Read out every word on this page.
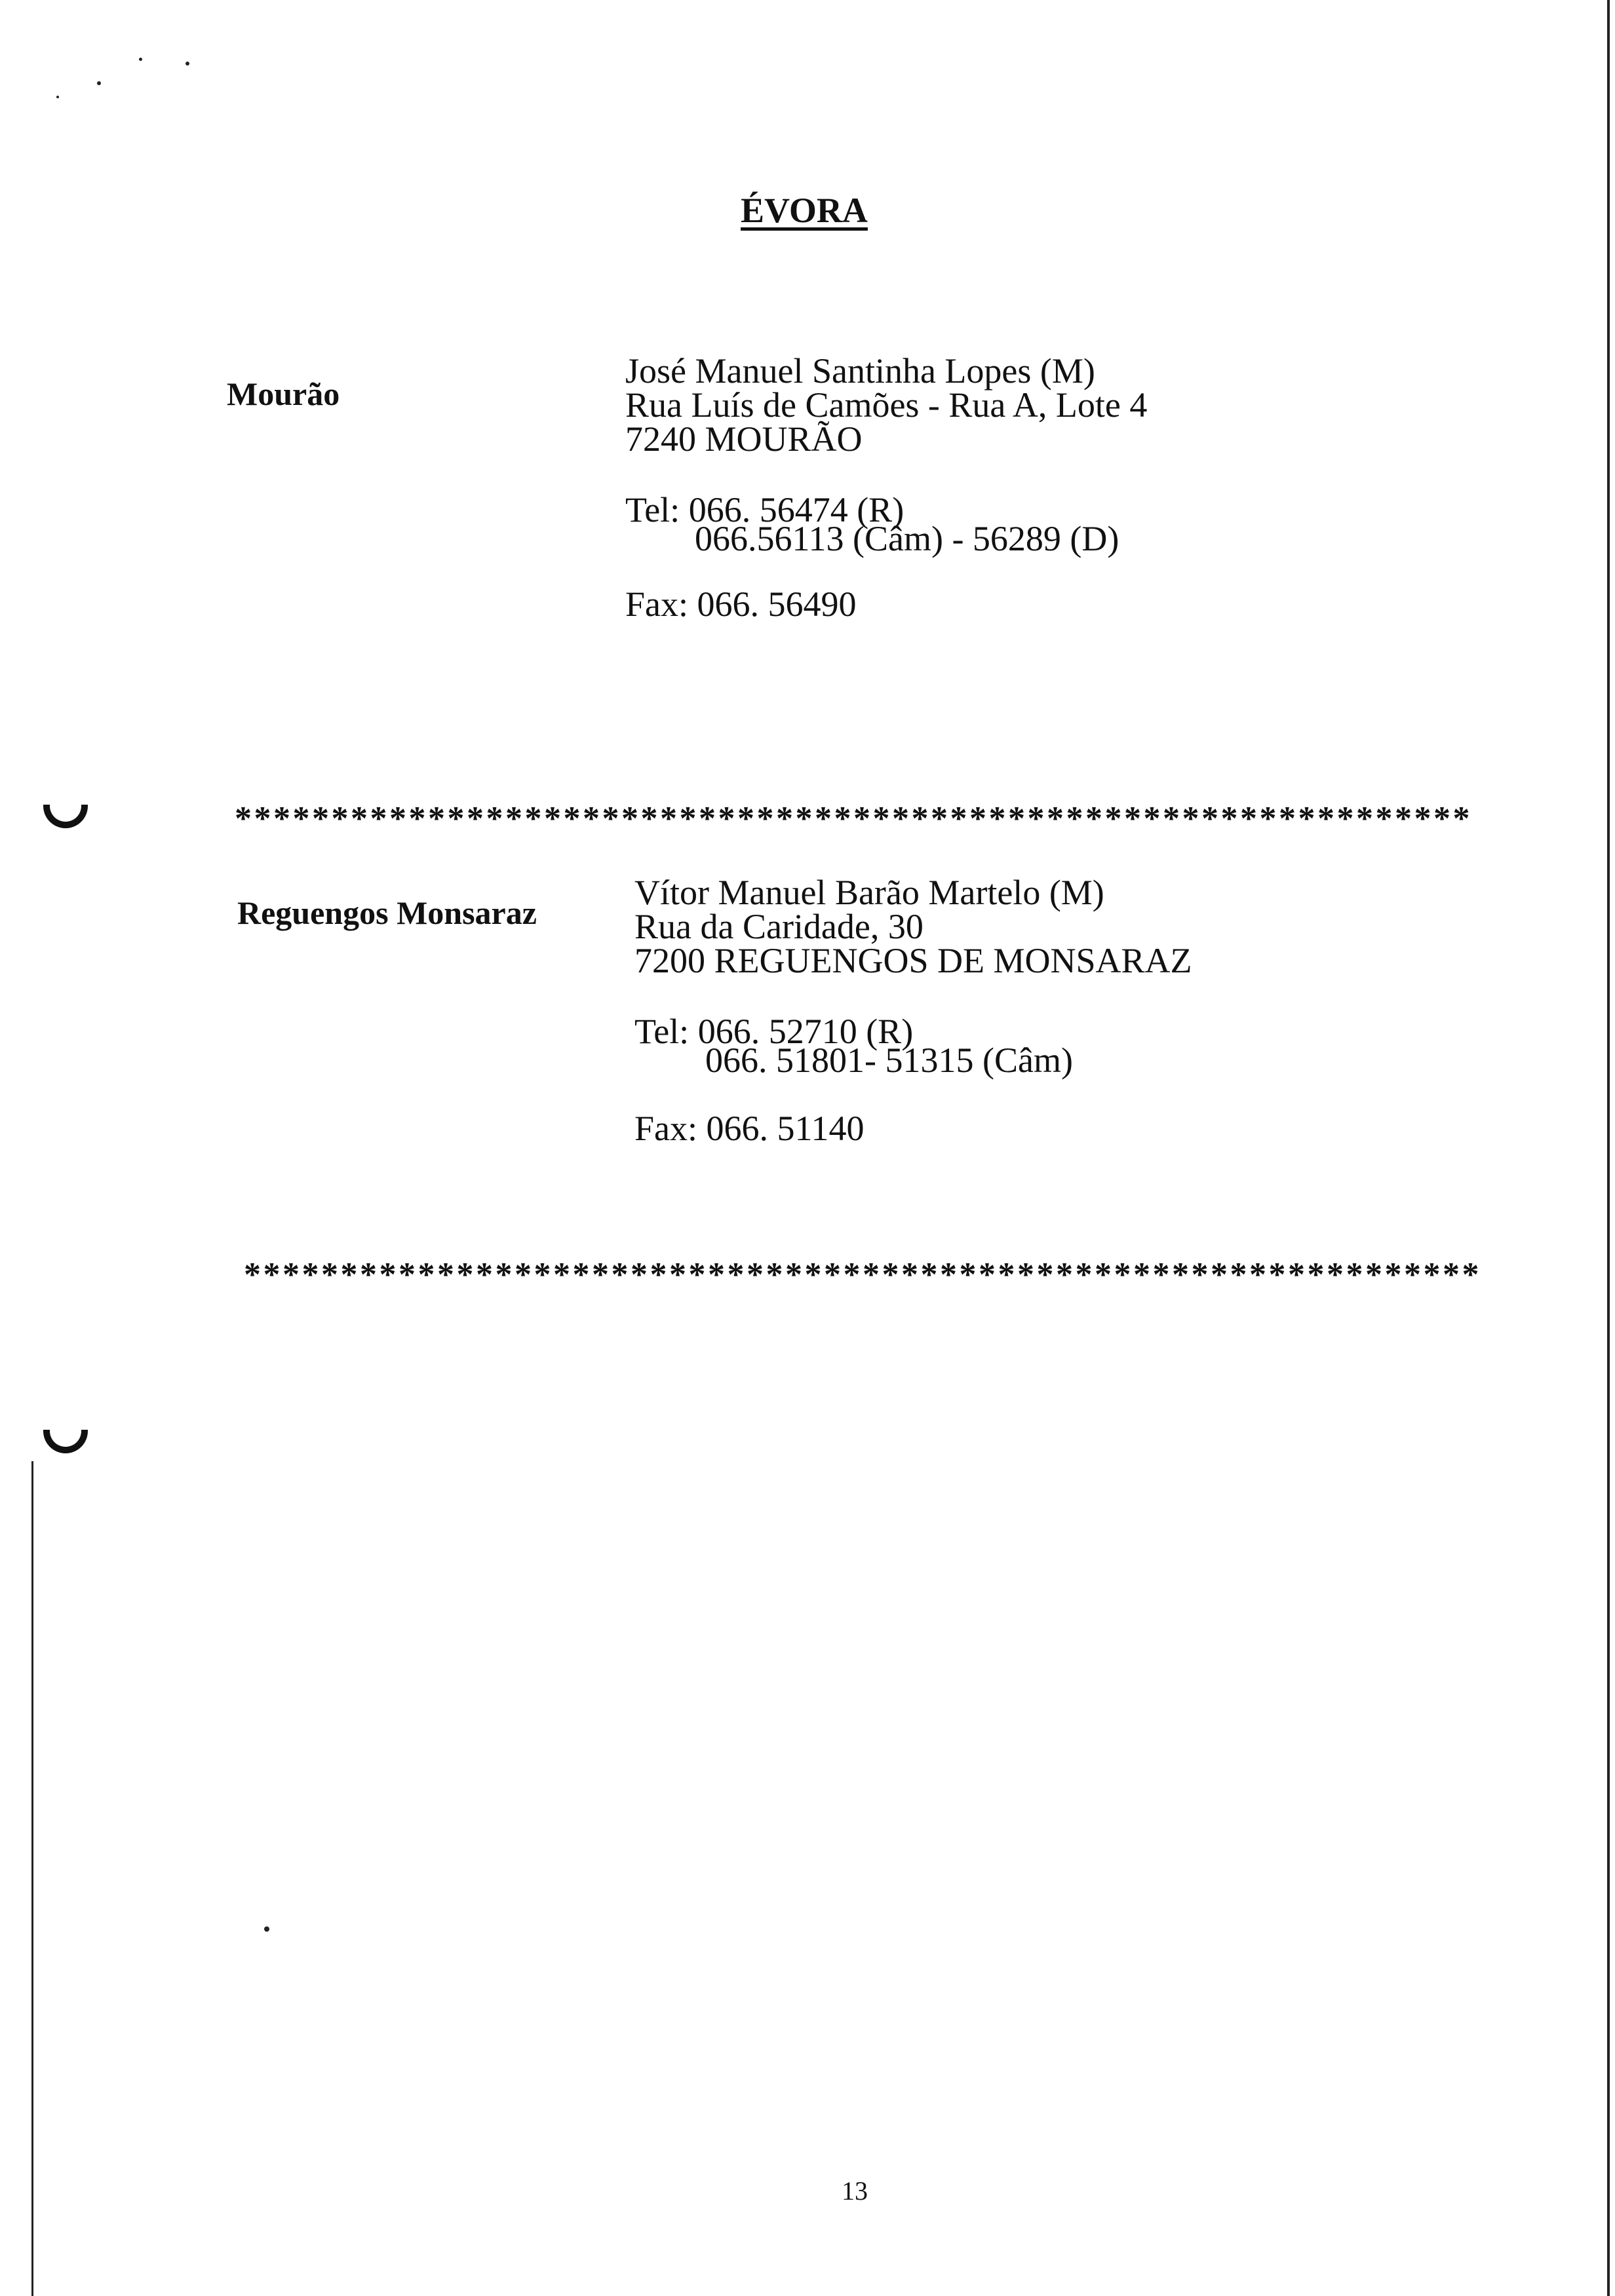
ÉVORA
Mourão
José Manuel Santinha Lopes (M)
Rua Luís de Camões - Rua A, Lote 4
7240 MOURÃO
Tel: 066. 56474 (R)
066.56113 (Câm) - 56289 (D)
Fax: 066. 56490
****************************************************************
Reguengos Monsaraz
Vítor Manuel Barão Martelo (M)
Rua da Caridade, 30
7200 REGUENGOS DE MONSARAZ
Tel: 066. 52710 (R)
066. 51801- 51315 (Câm)
Fax: 066. 51140
****************************************************************
13
